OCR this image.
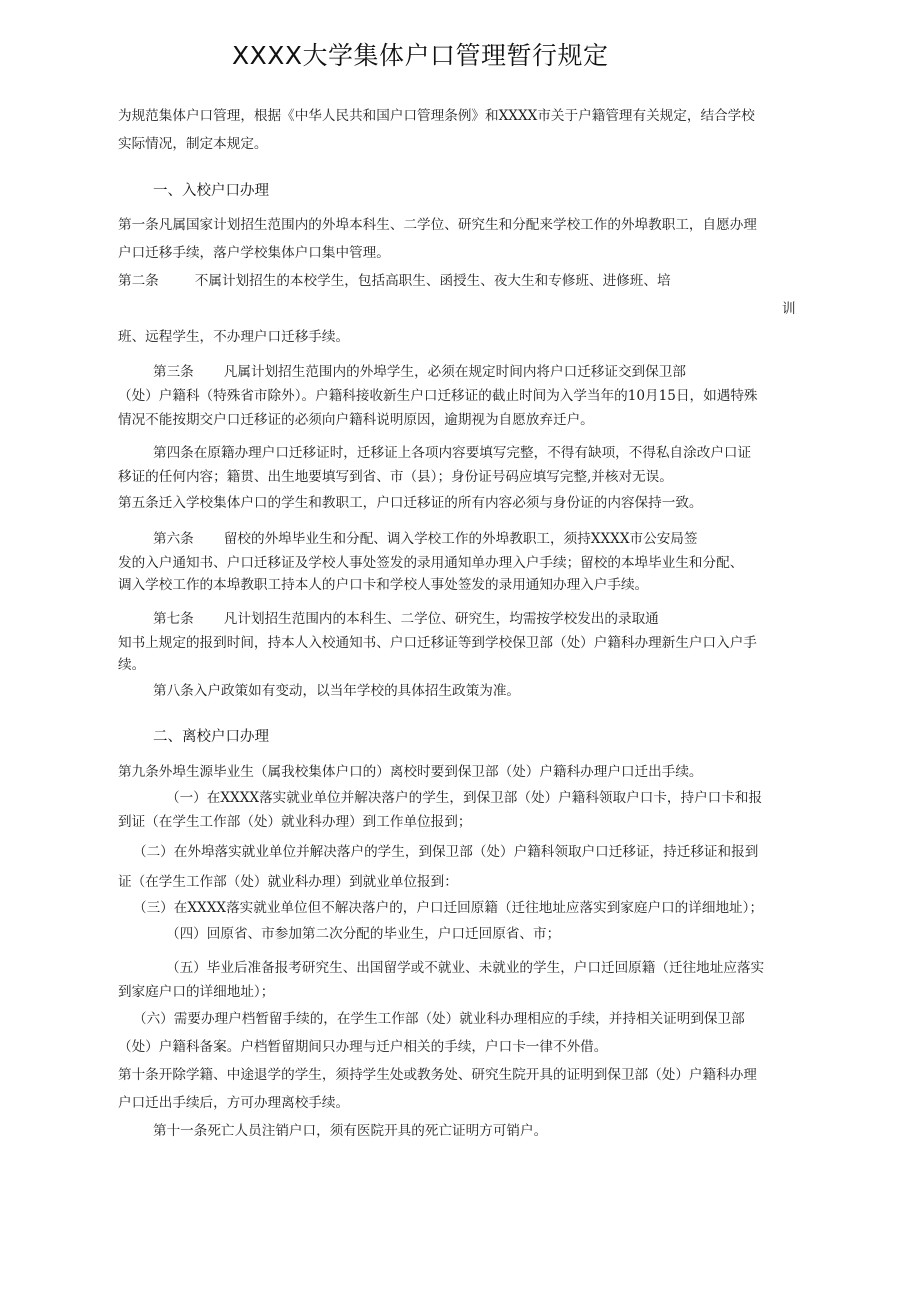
XXXX大学集体户口管理暂行规定
为规范集体户口管理，根据《中华人民共和国户口管理条例》和XXXX市关于户籍管理有关规定，结合学校
实际情况，制定本规定。
一、入校户口办理
第一条凡属国家计划招生范围内的外埠本科生、二学位、研究生和分配来学校工作的外埠教职工，自愿办理
户口迁移手续，落户学校集体户口集中管理。
第二条	不属计划招生的本校学生，包括高职生、函授生、夜大生和专修班、进修班、培
训
班、远程学生，不办理户口迁移手续。
第三条 凡属计划招生范围内的外埠学生，必须在规定时间内将户口迁移证交到保卫部
（处）户籍科（特殊省市除外）。户籍科接收新生户口迁移证的截止时间为入学当年的10月15日，如遇特殊
情况不能按期交户口迁移证的必须向户籍科说明原因，逾期视为自愿放弃迁户。
第四条在原籍办理户口迁移证时，迁移证上各项内容要填写完整，不得有缺项，不得私自涂改户口证
移证的任何内容；籍贯、出生地要填写到省、市（县）；身份证号码应填写完整,并核对无误。
第五条迁入学校集体户口的学生和教职工，户口迁移证的所有内容必须与身份证的内容保持一致。
第六条 留校的外埠毕业生和分配、调入学校工作的外埠教职工，须持XXXX市公安局签
发的入户通知书、户口迁移证及学校人事处签发的录用通知单办理入户手续；留校的本埠毕业生和分配、
调入学校工作的本埠教职工持本人的户口卡和学校人事处签发的录用通知办理入户手续。
第七条 凡计划招生范围内的本科生、二学位、研究生，均需按学校发出的录取通
知书上规定的报到时间，持本人入校通知书、户口迁移证等到学校保卫部（处）户籍科办理新生户口入户手
续。
第八条入户政策如有变动，以当年学校的具体招生政策为准。
二、离校户口办理
第九条外埠生源毕业生（属我校集体户口的）离校时要到保卫部（处）户籍科办理户口迁出手续。
（一）在XXXX落实就业单位并解决落户的学生，到保卫部（处）户籍科领取户口卡，持户口卡和报
到证（在学生工作部（处）就业科办理）到工作单位报到；
（二）在外埠落实就业单位并解决落户的学生，到保卫部（处）户籍科领取户口迁移证，持迁移证和报到
证（在学生工作部（处）就业科办理）到就业单位报到：
（三）在XXXX落实就业单位但不解决落户的，户口迁回原籍（迁往地址应落实到家庭户口的详细地址）；
（四）回原省、市参加第二次分配的毕业生，户口迁回原省、市；
（五）毕业后准备报考研究生、出国留学或不就业、未就业的学生，户口迁回原籍（迁往地址应落实
到家庭户口的详细地址）；
（六）需要办理户档暂留手续的，在学生工作部（处）就业科办理相应的手续，并持相关证明到保卫部
（处）户籍科备案。户档暂留期间只办理与迁户相关的手续，户口卡一律不外借。
第十条开除学籍、中途退学的学生，须持学生处或教务处、研究生院开具的证明到保卫部（处）户籍科办理
户口迁出手续后，方可办理离校手续。
第十一条死亡人员注销户口，须有医院开具的死亡证明方可销户。
